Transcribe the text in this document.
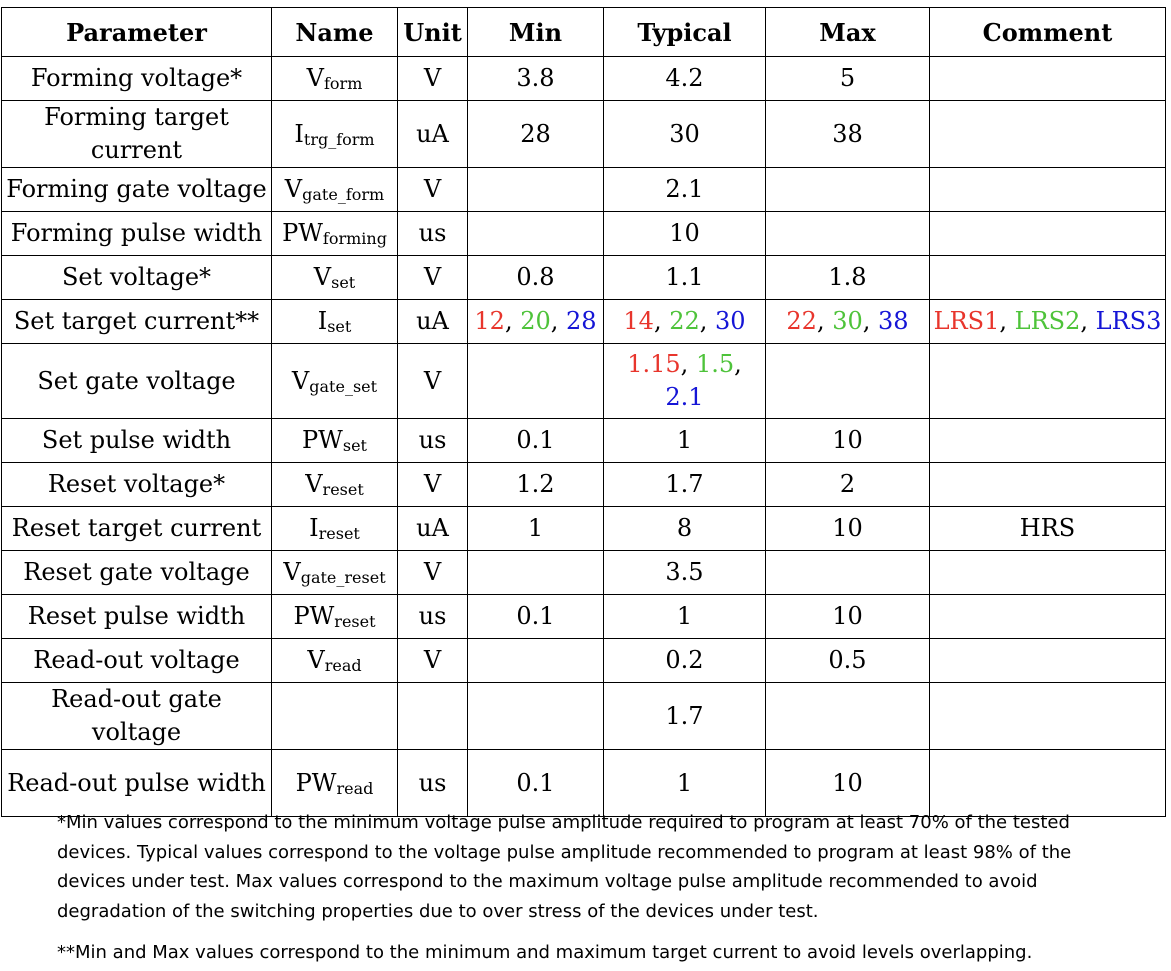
Parameter	Name	Unit	Min	Typical	Max	Comment
Forming voltage*	$V_{form}$	V	3.8	4.2	5	
Forming target current	$I_{trg\_form}$	uA	28	30	38	
Forming gate voltage	$V_{gate\_form}$	V		2.1		
Forming pulse width	$PW_{forming}$	us		10		
Set voltage*	$V_{set}$	V	0.8	1.1	1.8	
Set target current**	$I_{set}$	uA	12, 20, 28	14, 22, 30	22, 30, 38	LRS1, LRS2, LRS3
Set gate voltage	$V_{gate\_set}$	V		1.15, 1.5, 2.1		
Set pulse width	$PW_{set}$	us	0.1	1	10	
Reset voltage*	$V_{reset}$	V	1.2	1.7	2	
Reset target current	$I_{reset}$	uA	1	8	10	HRS
Reset gate voltage	$V_{gate\_reset}$	V		3.5		
Reset pulse width	$PW_{reset}$	us	0.1	1	10	
Read-out voltage	$V_{read}$	V		0.2	0.5	
Read-out gate voltage				1.7		
Read-out pulse width	$PW_{read}$	us	0.1	1	10	

*Min values correspond to the minimum voltage pulse amplitude required to program at least 70% of the tested devices. Typical values correspond to the voltage pulse amplitude recommended to program at least 98% of the devices under test. Max values correspond to the maximum voltage pulse amplitude recommended to avoid degradation of the switching properties due to over stress of the devices under test.

**Min and Max values correspond to the minimum and maximum target current to avoid levels overlapping.
